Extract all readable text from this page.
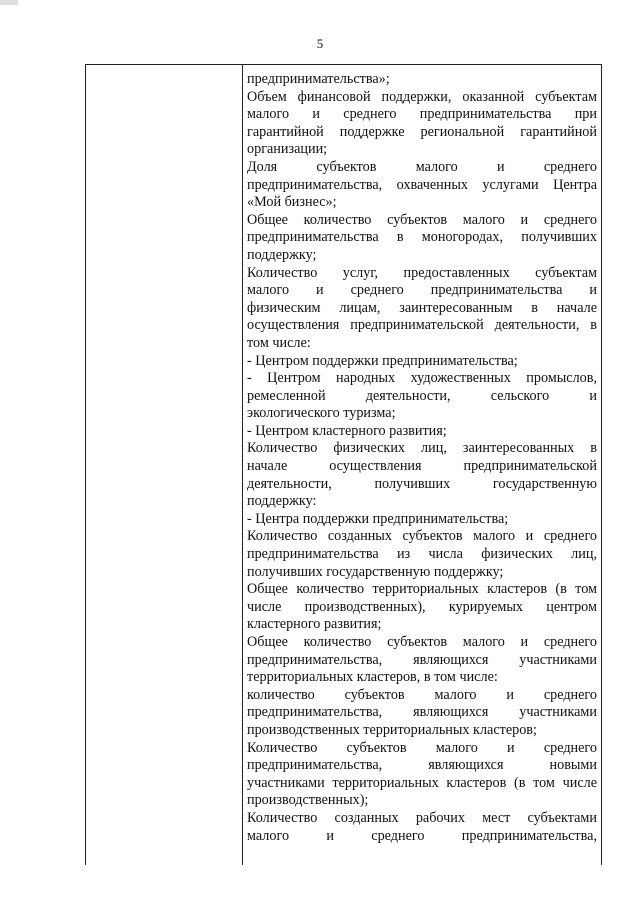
5

предпринимательства»;

Объем финансовой поддержки, оказанной субъектам

малого и среднего предпринимательства при

гарантийной поддержке региональной гарантийной

организации;

Доля субъектов малого и среднего

предпринимательства, охваченных услугами Центра

«Мой бизнес»;

Общее количество субъектов малого и среднего

предпринимательства в моногородах, получивших

поддержку;

Количество услуг, предоставленных субъектам

малого и среднего предпринимательства и

физическим лицам, заинтересованным в начале

осуществления предпринимательской деятельности, в

том числе:

- Центром поддержки предпринимательства;

- Центром народных художественных промыслов,

ремесленной деятельности, сельского и

экологического туризма;

- Центром кластерного развития;

Количество физических лиц, заинтересованных в

начале осуществления предпринимательской

деятельности, получивших государственную

поддержку:

- Центра поддержки предпринимательства;

Количество созданных субъектов малого и среднего

предпринимательства из числа физических лиц,

получивших государственную поддержку;

Общее количество территориальных кластеров (в том

числе производственных), курируемых центром

кластерного развития;

Общее количество субъектов малого и среднего

предпринимательства, являющихся участниками

территориальных кластеров, в том числе:

количество субъектов малого и среднего

предпринимательства, являющихся участниками

производственных территориальных кластеров;

Количество субъектов малого и среднего

предпринимательства, являющихся новыми

участниками территориальных кластеров (в том числе

производственных);

Количество созданных рабочих мест субъектами

малого и среднего предпринимательства,
